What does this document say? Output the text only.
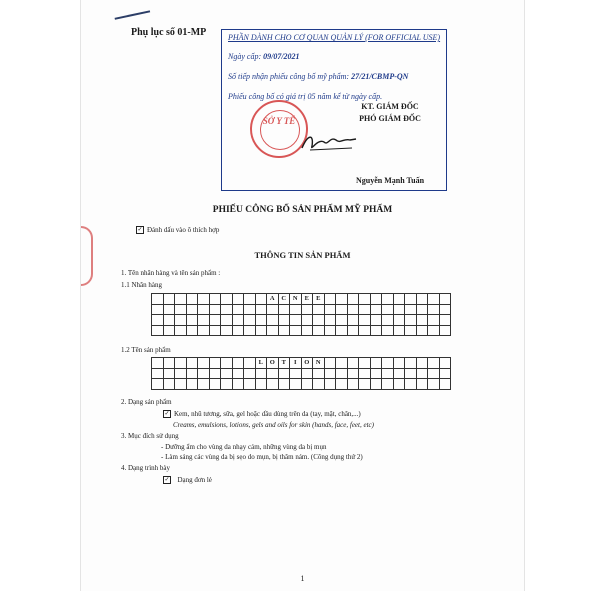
Phụ lục số 01-MP	PHẦN DÀNH CHO CƠ QUAN QUẢN LÝ (FOR OFFICIAL USE)
Ngày cấp: 09/07/2021
Số tiếp nhận phiếu công bố mỹ phẩm: 27/21/CBMP-QN
Phiếu công bố có giá trị 05 năm kể từ ngày cấp.
KT. GIÁM ĐỐC
PHÓ GIÁM ĐỐC
SỞ Y TẾ
Nguyễn Mạnh Tuấn
PHIẾU CÔNG BỐ SẢN PHẨM MỸ PHẨM
✓ Đánh dấu vào ô thích hợp
THÔNG TIN SẢN PHẨM
1. Tên nhãn hàng và tên sản phẩm :
1.1 Nhãn hàng
										A	C	N	E	E											

1.2 Tên sản phẩm
									L	O	T	I	O	N											

2. Dạng sản phẩm
✓ Kem, nhũ tương, sữa, gel hoặc dầu dùng trên da (tay, mặt, chân,...)
Creams, emulsions, lotions, gels and oils for skin (hands, face, feet, etc)
3. Mục đích sử dụng
- Dưỡng ẩm cho vùng da nhạy cảm, những vùng da bị mụn
- Làm sáng các vùng da bị sẹo do mụn, bị thâm nám. (Công dụng thứ 2)
4. Dạng trình bày
✓ Dạng đơn lẻ
1
